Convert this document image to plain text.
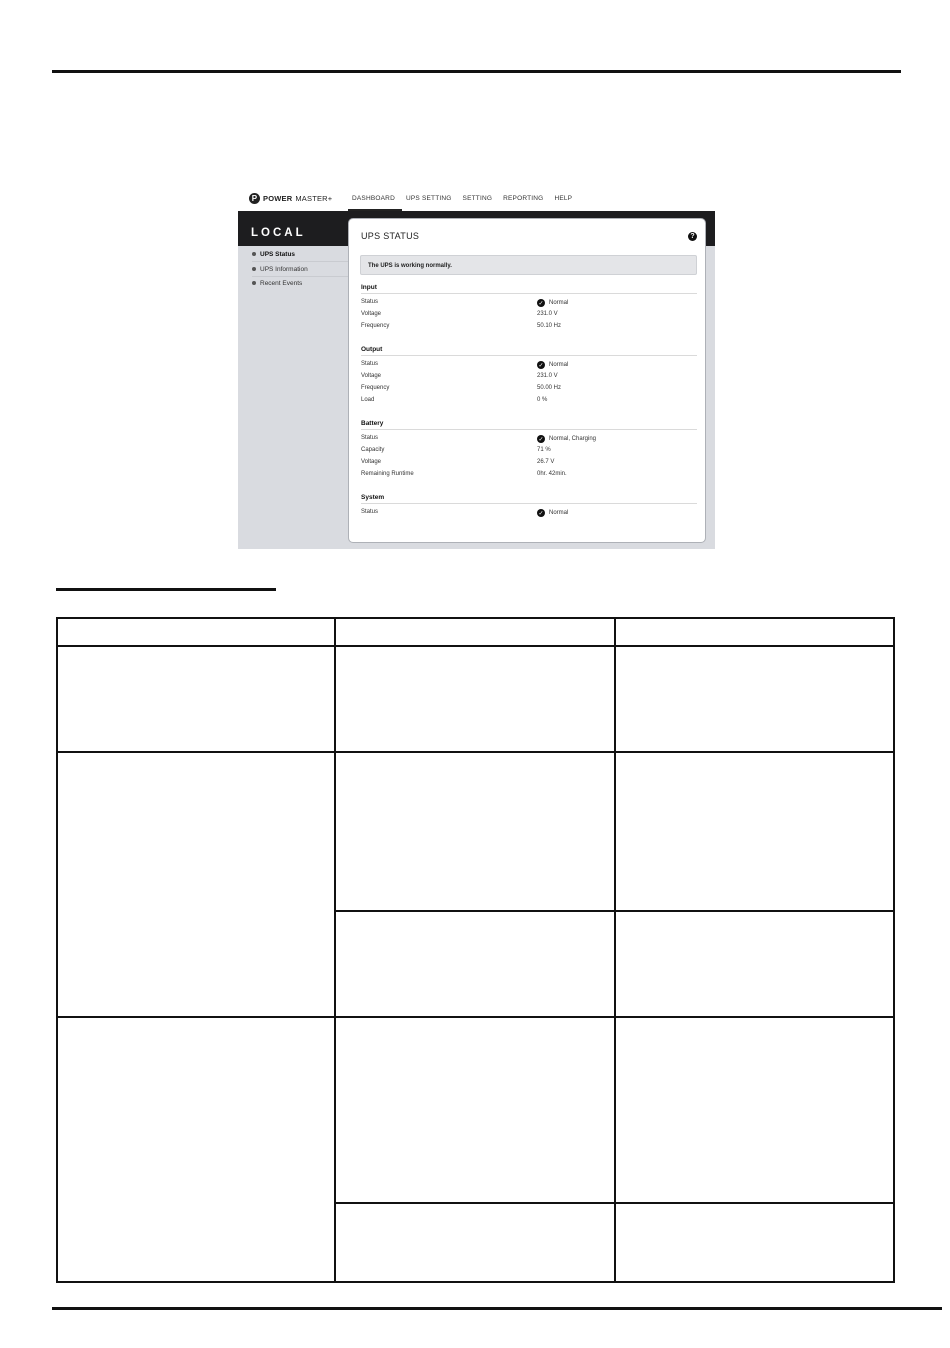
P POWER MASTER+	DASHBOARD	UPS SETTING	SETTING	REPORTING	HELP
LOCAL
UPS Status
UPS Information
Recent Events
UPS STATUS	?
The UPS is working normally.
Input
Status	✓ Normal
Voltage	231.0 V
Frequency	50.10 Hz
Output
Status	✓ Normal
Voltage	231.0 V
Frequency	50.00 Hz
Load	0 %
Battery
Status	✓ Normal, Charging
Capacity	71 %
Voltage	26.7 V
Remaining Runtime	0hr. 42min.
System
Status	✓ Normal
